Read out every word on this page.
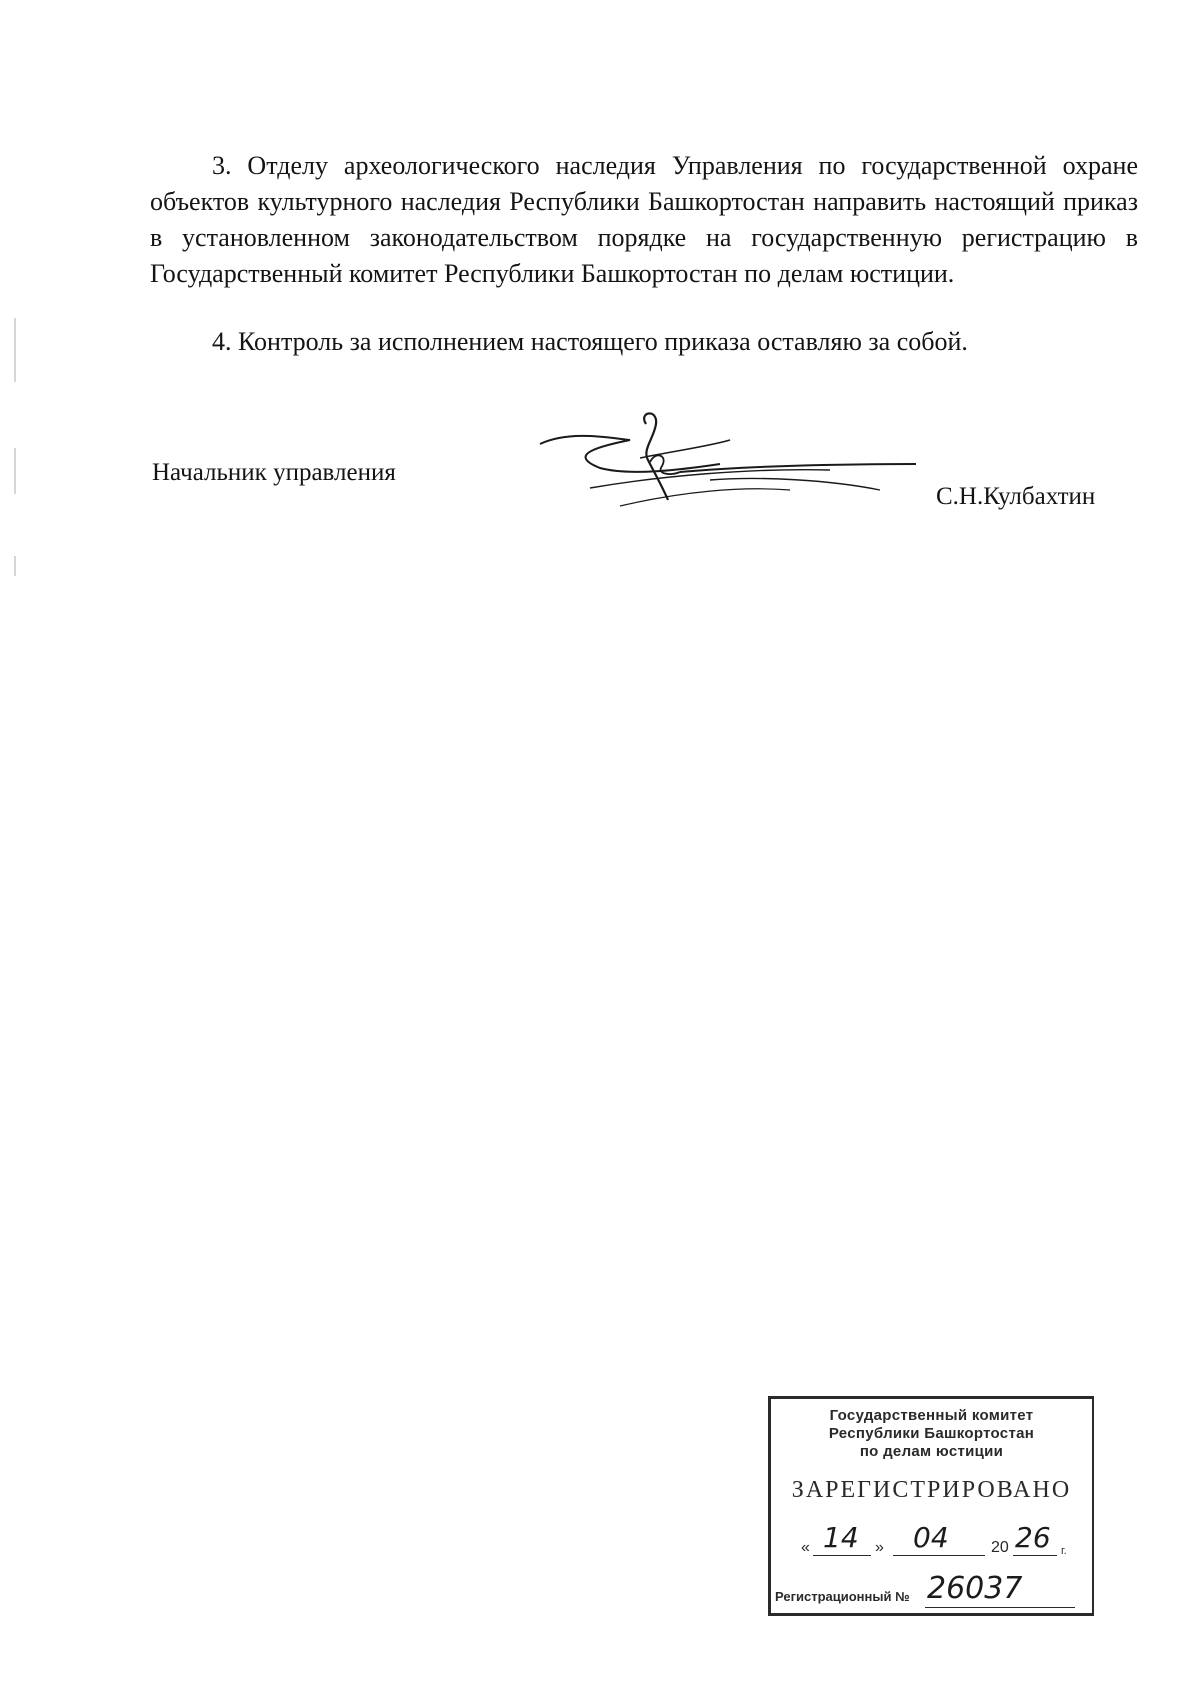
3. Отделу археологического наследия Управления по государственной охране объектов культурного наследия Республики Башкортостан направить настоящий приказ в установленном законодательством порядке на государственную регистрацию в Государственный комитет Республики Башкортостан по делам юстиции.

4. Контроль за исполнением настоящего приказа оставляю за собой.

Начальник управления
С.Н.Кулбахтин
Государственный комитет
Республики Башкортостан
по делам юстиции
ЗАРЕГИСТРИРОВАНО
« 14 » 04	20 26 г.
Регистрационный № 26037
